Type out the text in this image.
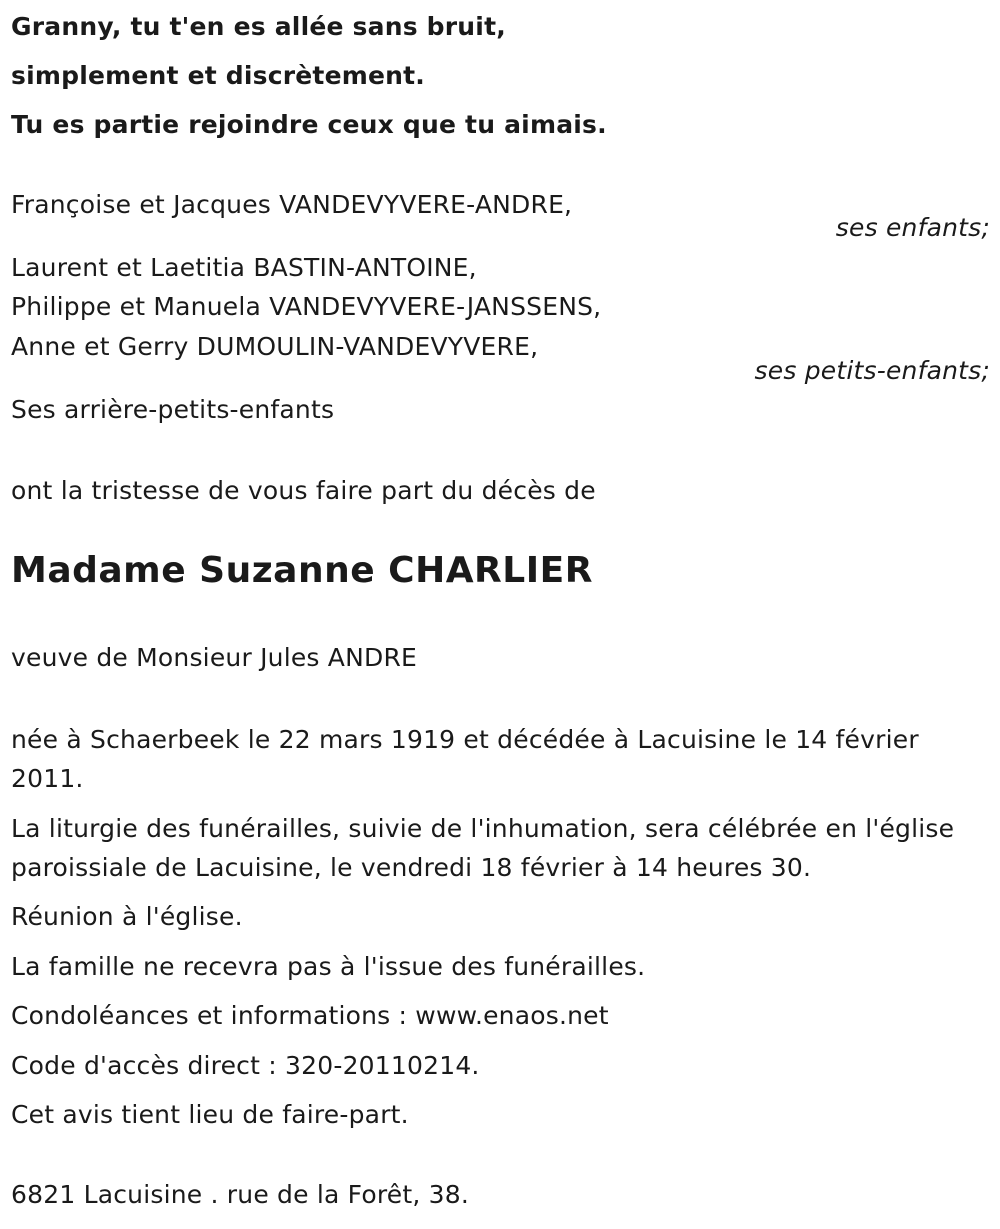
Granny, tu t'en es allée sans bruit,
simplement et discrètement.
Tu es partie rejoindre ceux que tu aimais.
Françoise et Jacques VANDEVYVERE-ANDRE,
ses enfants;
Laurent et Laetitia BASTIN-ANTOINE,
Philippe et Manuela VANDEVYVERE-JANSSENS,
Anne et Gerry DUMOULIN-VANDEVYVERE,
ses petits-enfants;
Ses arrière-petits-enfants
ont la tristesse de vous faire part du décès de
Madame Suzanne CHARLIER
veuve de Monsieur Jules ANDRE
née à Schaerbeek le 22 mars 1919 et décédée à Lacuisine le 14 février 2011.
La liturgie des funérailles, suivie de l'inhumation, sera célébrée en l'église paroissiale de Lacuisine, le vendredi 18 février à 14 heures 30.
Réunion à l'église.
La famille ne recevra pas à l'issue des funérailles.
Condoléances et informations : www.enaos.net
Code d'accès direct : 320-20110214.
Cet avis tient lieu de faire-part.
6821 Lacuisine . rue de la Forêt, 38.
